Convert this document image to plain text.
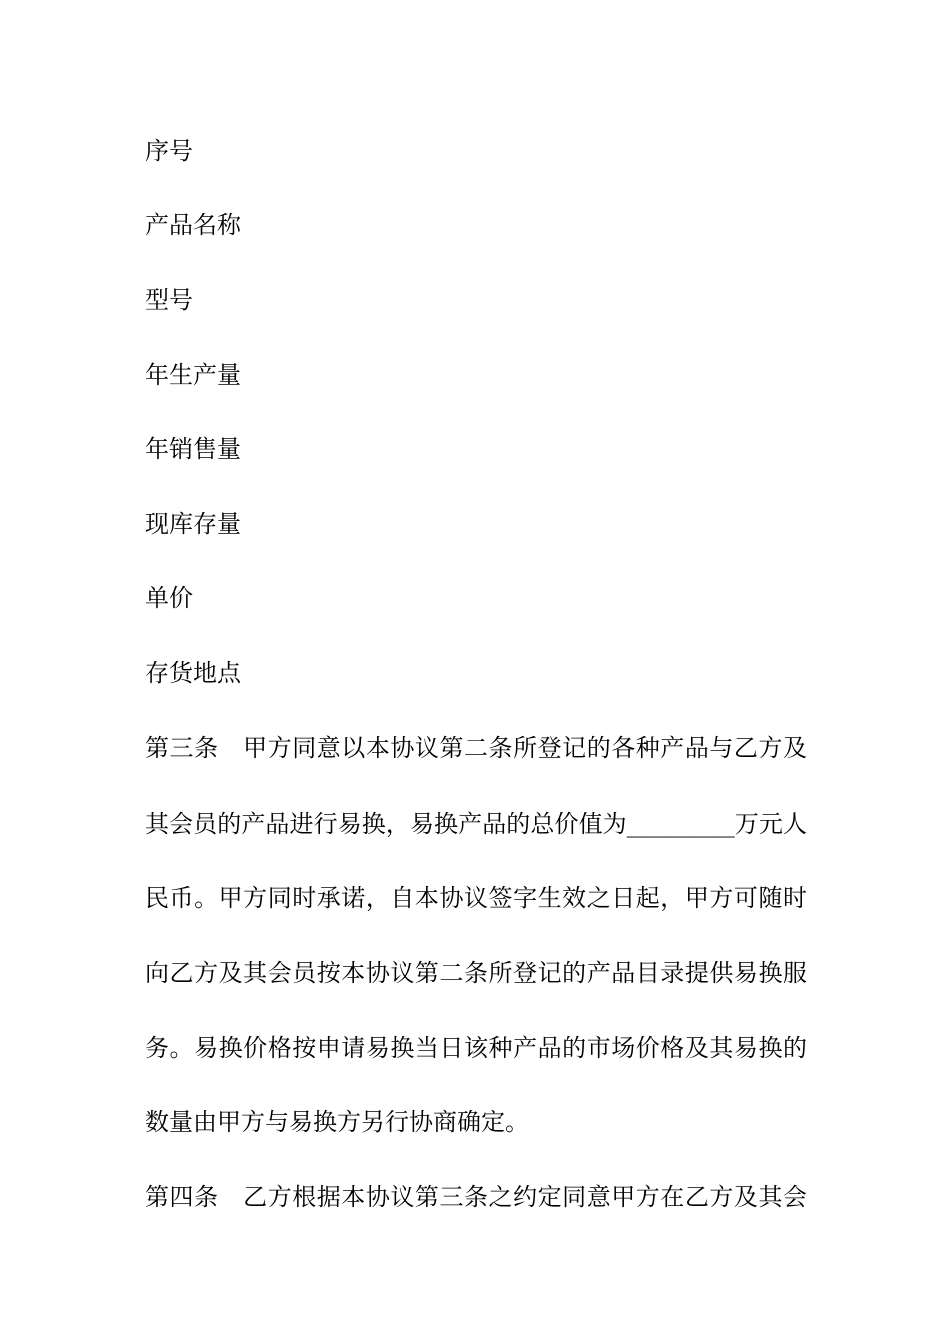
序号
产品名称
型号
年生产量
年销售量
现库存量
单价
存货地点
第三条　甲方同意以本协议第二条所登记的各种产品与乙方及
其会员的产品进行易换，易换产品的总价值为_________万元人
民币。甲方同时承诺，自本协议签字生效之日起，甲方可随时
向乙方及其会员按本协议第二条所登记的产品目录提供易换服
务。易换价格按申请易换当日该种产品的市场价格及其易换的
数量由甲方与易换方另行协商确定。
第四条　乙方根据本协议第三条之约定同意甲方在乙方及其会
